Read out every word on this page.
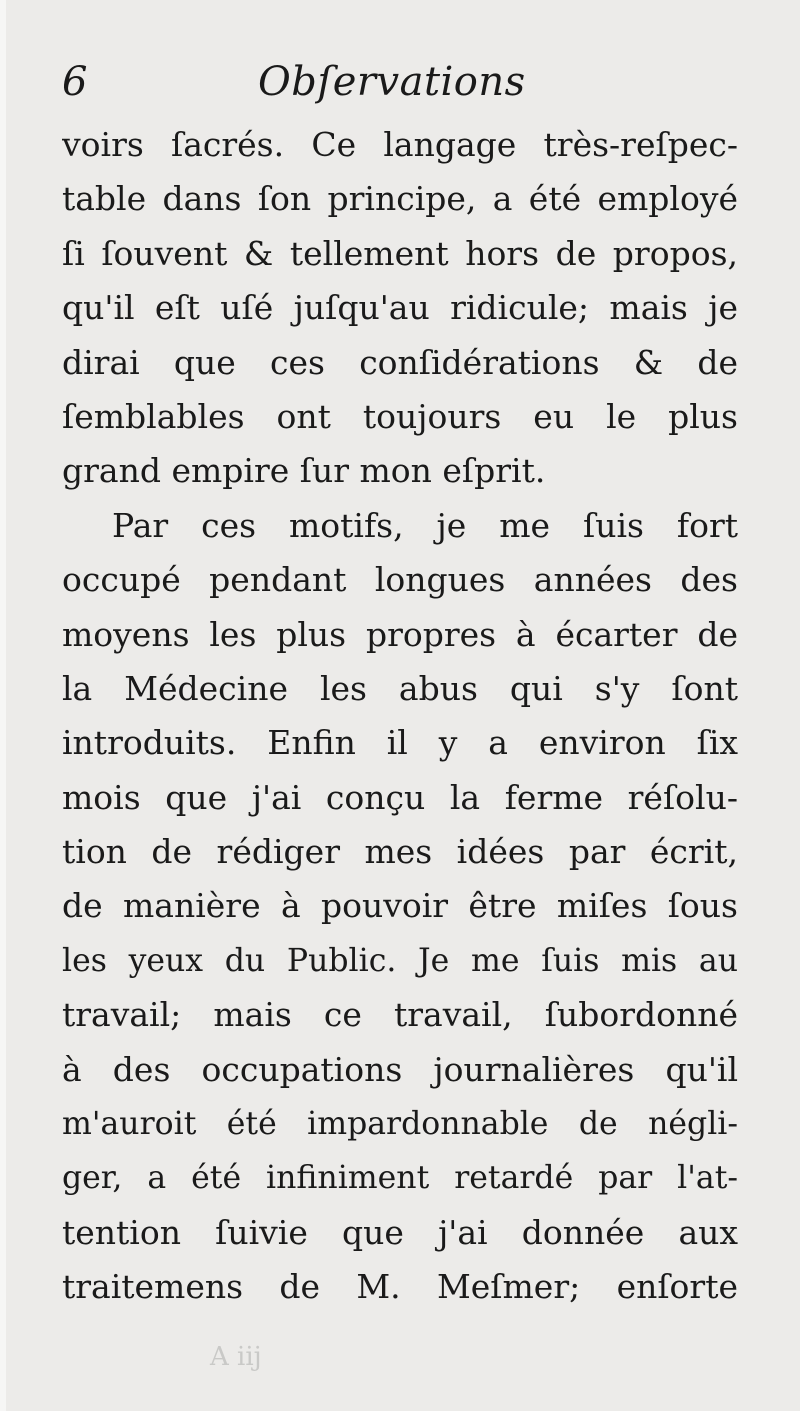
6	Obſervations
voirs ſacrés. Ce langage très-reſpec-
table dans ſon principe, a été employé
ſi ſouvent & tellement hors de propos,
qu'il eſt uſé juſqu'au ridicule; mais je
dirai que ces conſidérations & de
ſemblables ont toujours eu le plus
grand empire ſur mon eſprit.
Par ces motifs, je me ſuis fort
occupé pendant longues années des
moyens les plus propres à écarter de
la Médecine les abus qui s'y ſont
introduits. Enfin il y a environ ſix
mois que j'ai conçu la ferme réſolu-
tion de rédiger mes idées par écrit,
de manière à pouvoir être miſes ſous
les yeux du Public. Je me ſuis mis au
travail; mais ce travail, ſubordonné
à des occupations journalières qu'il
m'auroit été impardonnable de négli-
ger, a été infiniment retardé par l'at-
tention ſuivie que j'ai donnée aux
traitemens de M. Meſmer; enſorte
A iij
